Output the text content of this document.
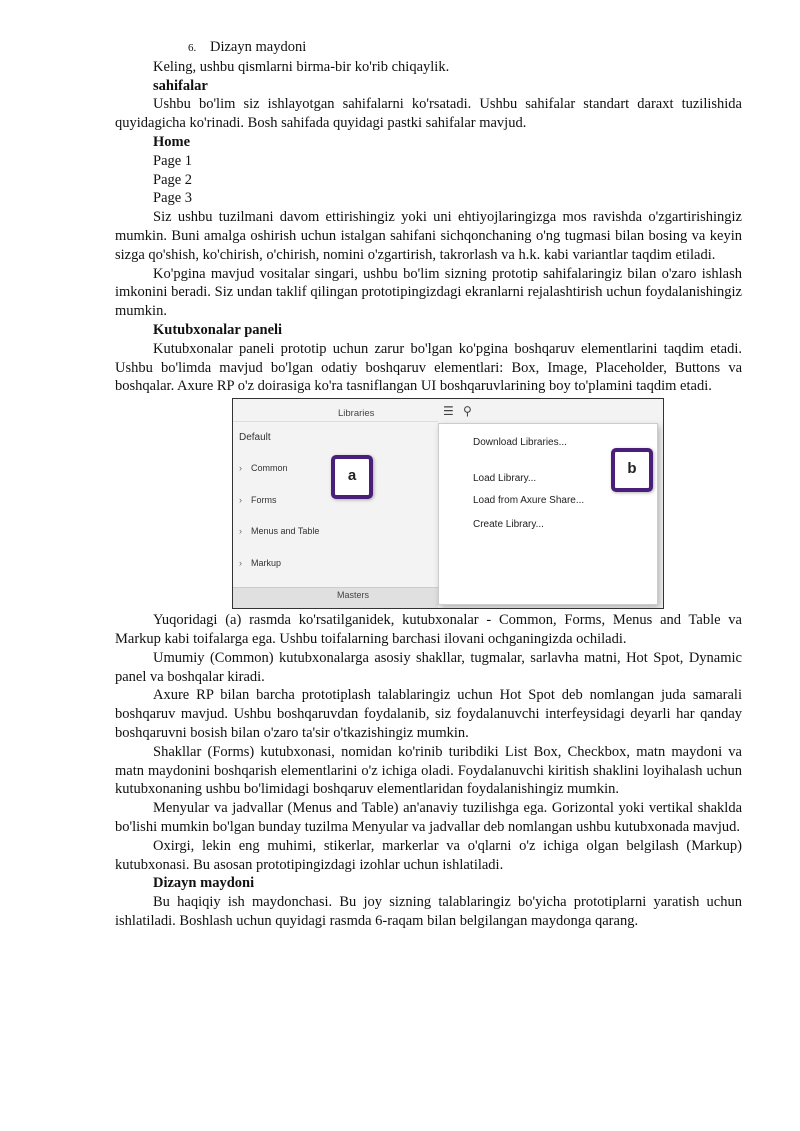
6. Dizayn maydoni

Keling, ushbu qismlarni birma-bir ko'rib chiqaylik.

sahifalar

Ushbu bo'lim siz ishlayotgan sahifalarni ko'rsatadi. Ushbu sahifalar standart daraxt tuzilishida quyidagicha ko'rinadi. Bosh sahifada quyidagi pastki sahifalar mavjud.

Home

Page 1

Page 2

Page 3

Siz ushbu tuzilmani davom ettirishingiz yoki uni ehtiyojlaringizga mos ravishda o'zgartirishingiz mumkin. Buni amalga oshirish uchun istalgan sahifani sichqonchaning o'ng tugmasi bilan bosing va keyin sizga qo'shish, ko'chirish, o'chirish, nomini o'zgartirish, takrorlash va h.k. kabi variantlar taqdim etiladi.

Ko'pgina mavjud vositalar singari, ushbu bo'lim sizning prototip sahifalaringiz bilan o'zaro ishlash imkonini beradi. Siz undan taklif qilingan prototipingizdagi ekranlarni rejalashtirish uchun foydalanishingiz mumkin.

Kutubxonalar paneli

Kutubxonalar paneli prototip uchun zarur bo'lgan ko'pgina boshqaruv elementlarini taqdim etadi. Ushbu bo'limda mavjud bo'lgan odatiy boshqaruv elementlari: Box, Image, Placeholder, Buttons va boshqalar. Axure RP o'z doirasiga ko'ra tasniflangan UI boshqaruvlarining boy to'plamini taqdim etadi.

Libraries	☰ ⚲
Default
› Common
› Forms
› Menus and Table
› Markup
Masters
a
Download Libraries...
Load Library...
Load from Axure Share...
Create Library...
b

Yuqoridagi (a) rasmda ko'rsatilganidek, kutubxonalar - Common, Forms, Menus and Table va Markup kabi toifalarga ega. Ushbu toifalarning barchasi ilovani ochganingizda ochiladi.

Umumiy (Common) kutubxonalarga asosiy shakllar, tugmalar, sarlavha matni, Hot Spot, Dynamic panel va boshqalar kiradi.

Axure RP bilan barcha prototiplash talablaringiz uchun Hot Spot deb nomlangan juda samarali boshqaruv mavjud. Ushbu boshqaruvdan foydalanib, siz foydalanuvchi interfeysidagi deyarli har qanday boshqaruvni bosish bilan o'zaro ta'sir o'tkazishingiz mumkin.

Shakllar (Forms) kutubxonasi, nomidan ko'rinib turibdiki List Box, Checkbox, matn maydoni va matn maydonini boshqarish elementlarini o'z ichiga oladi. Foydalanuvchi kiritish shaklini loyihalash uchun kutubxonaning ushbu bo'limidagi boshqaruv elementlaridan foydalanishingiz mumkin.

Menyular va jadvallar (Menus and Table) an'anaviy tuzilishga ega. Gorizontal yoki vertikal shaklda bo'lishi mumkin bo'lgan bunday tuzilma Menyular va jadvallar deb nomlangan ushbu kutubxonada mavjud.

Oxirgi, lekin eng muhimi, stikerlar, markerlar va o'qlarni o'z ichiga olgan belgilash (Markup) kutubxonasi. Bu asosan prototipingizdagi izohlar uchun ishlatiladi.

Dizayn maydoni

Bu haqiqiy ish maydonchasi. Bu joy sizning talablaringiz bo'yicha prototiplarni yaratish uchun ishlatiladi. Boshlash uchun quyidagi rasmda 6-raqam bilan belgilangan maydonga qarang.
